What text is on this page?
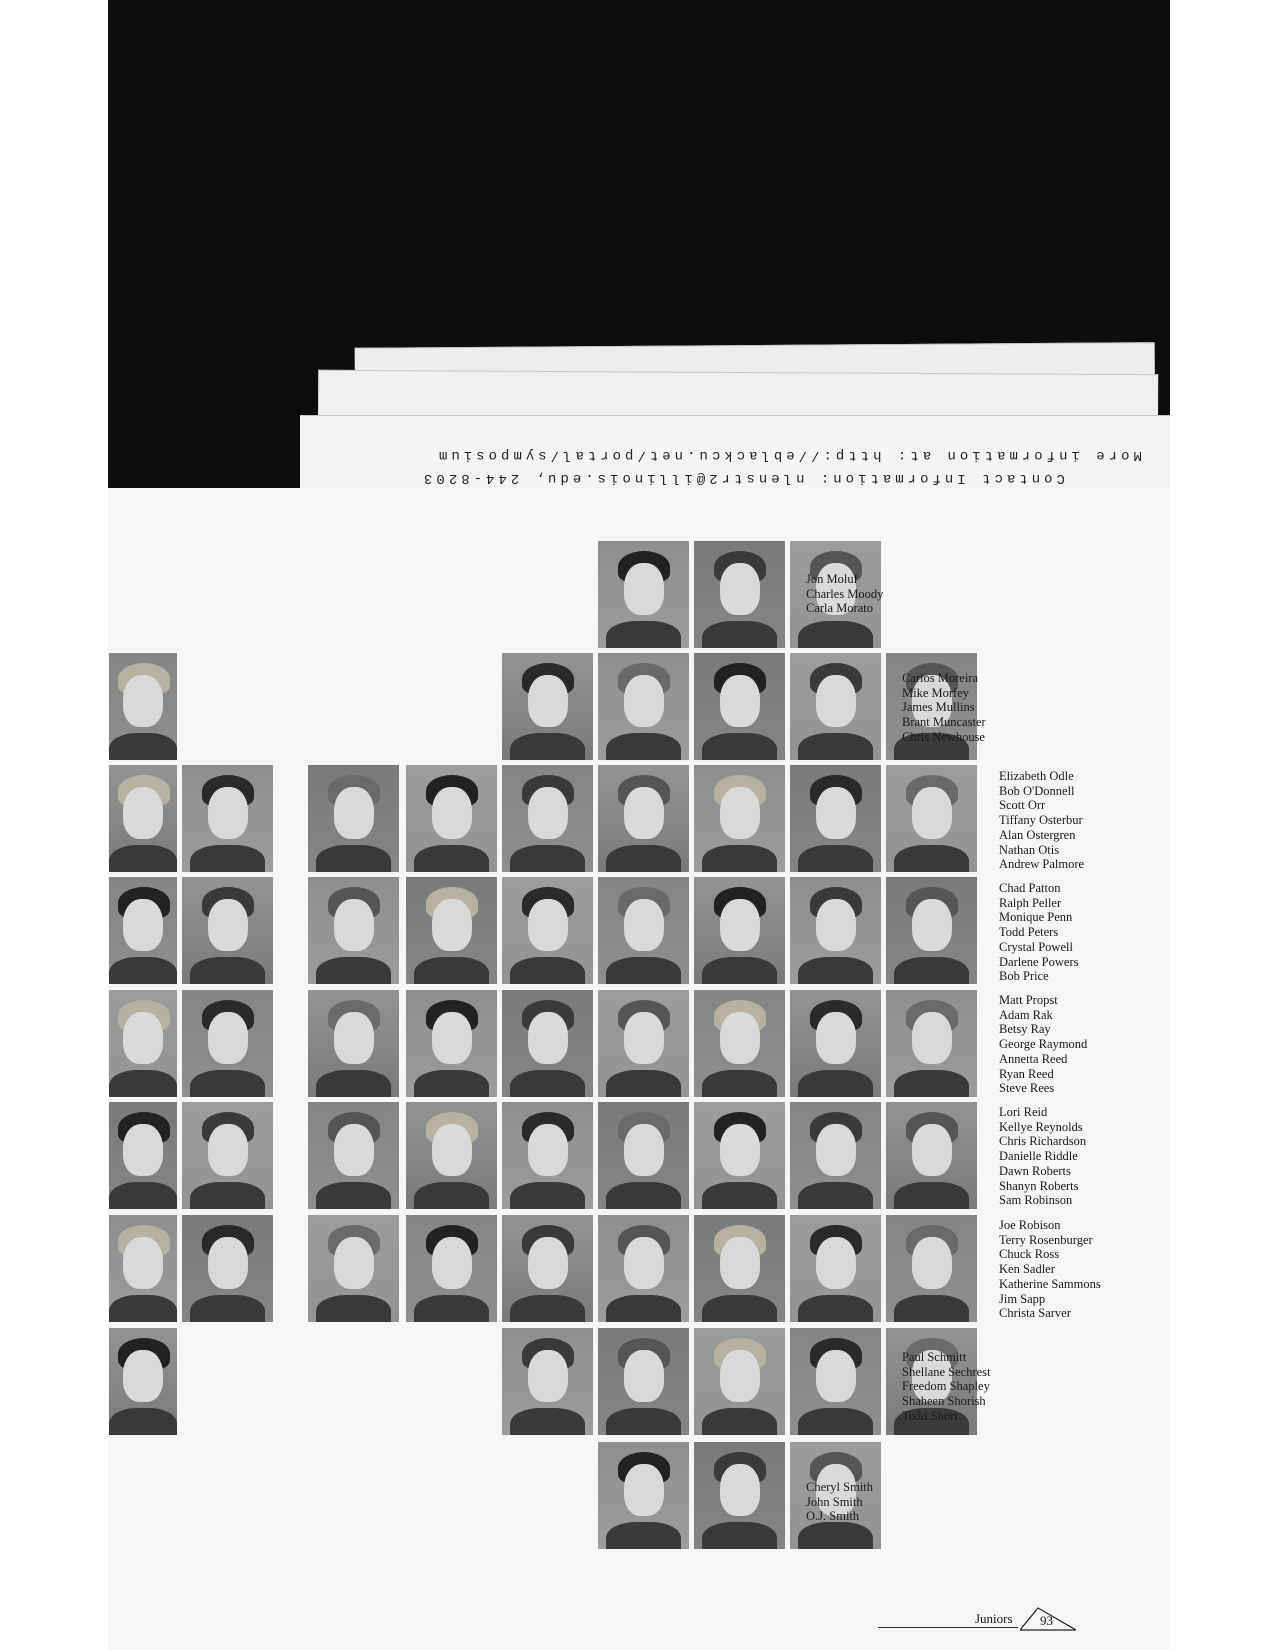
More information at: http://eblackcu.net/portal/symposium
Contact Information: nlenstr2@illinois.edu, 244-8203
Jon Moluf
Charles Moody
Carla Morato
Carlos Moreira
Mike Morfey
James Mullins
Brant Muncaster
Chris Newhouse
Elizabeth Odle
Bob O'Donnell
Scott Orr
Tiffany Osterbur
Alan Ostergren
Nathan Otis
Andrew Palmore
Chad Patton
Ralph Peller
Monique Penn
Todd Peters
Crystal Powell
Darlene Powers
Bob Price
Matt Propst
Adam Rak
Betsy Ray
George Raymond
Annetta Reed
Ryan Reed
Steve Rees
Lori Reid
Kellye Reynolds
Chris Richardson
Danielle Riddle
Dawn Roberts
Shanyn Roberts
Sam Robinson
Joe Robison
Terry Rosenburger
Chuck Ross
Ken Sadler
Katherine Sammons
Jim Sapp
Christa Sarver
Paul Schmitt
Shellane Sechrest
Freedom Shapley
Shaheen Shorish
Todd Short
Cheryl Smith
John Smith
O.J. Smith
Juniors 93
